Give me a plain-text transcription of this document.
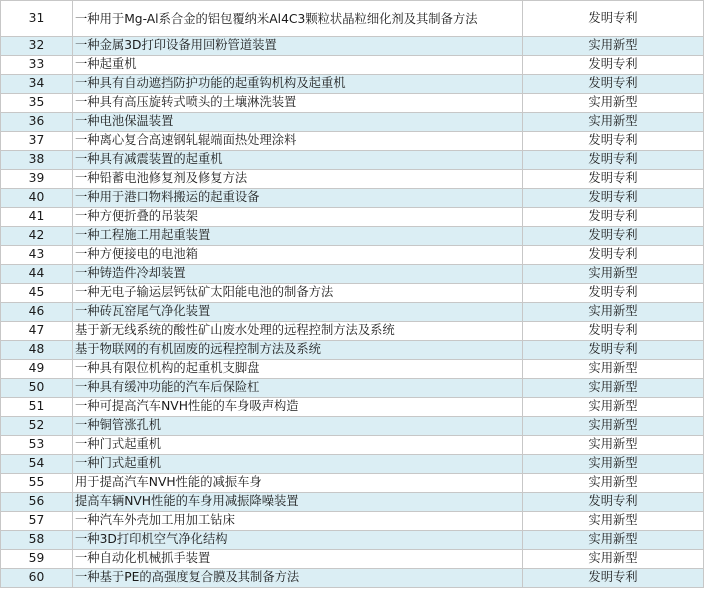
31	一种用于Mg-Al系合金的铝包覆纳米Al4C3颗粒状晶粒细化剂及其制备方法	发明专利
32	一种金属3D打印设备用回粉管道装置	实用新型
33	一种起重机	发明专利
34	一种具有自动遮挡防护功能的起重钩机构及起重机	发明专利
35	一种具有高压旋转式喷头的土壤淋洗装置	实用新型
36	一种电池保温装置	实用新型
37	一种离心复合高速钢轧辊端面热处理涂料	发明专利
38	一种具有减震装置的起重机	发明专利
39	一种铅蓄电池修复剂及修复方法	发明专利
40	一种用于港口物料搬运的起重设备	发明专利
41	一种方便折叠的吊装架	发明专利
42	一种工程施工用起重装置	发明专利
43	一种方便接电的电池箱	发明专利
44	一种铸造件冷却装置	实用新型
45	一种无电子输运层钙钛矿太阳能电池的制备方法	发明专利
46	一种砖瓦窑尾气净化装置	实用新型
47	基于新无线系统的酸性矿山废水处理的远程控制方法及系统	发明专利
48	基于物联网的有机固废的远程控制方法及系统	发明专利
49	一种具有限位机构的起重机支脚盘	实用新型
50	一种具有缓冲功能的汽车后保险杠	实用新型
51	一种可提高汽车NVH性能的车身吸声构造	实用新型
52	一种铜管涨孔机	实用新型
53	一种门式起重机	实用新型
54	一种门式起重机	实用新型
55	用于提高汽车NVH性能的减振车身	实用新型
56	提高车辆NVH性能的车身用减振降噪装置	发明专利
57	一种汽车外壳加工用加工钻床	实用新型
58	一种3D打印机空气净化结构	实用新型
59	一种自动化机械抓手装置	实用新型
60	一种基于PE的高强度复合膜及其制备方法	发明专利
